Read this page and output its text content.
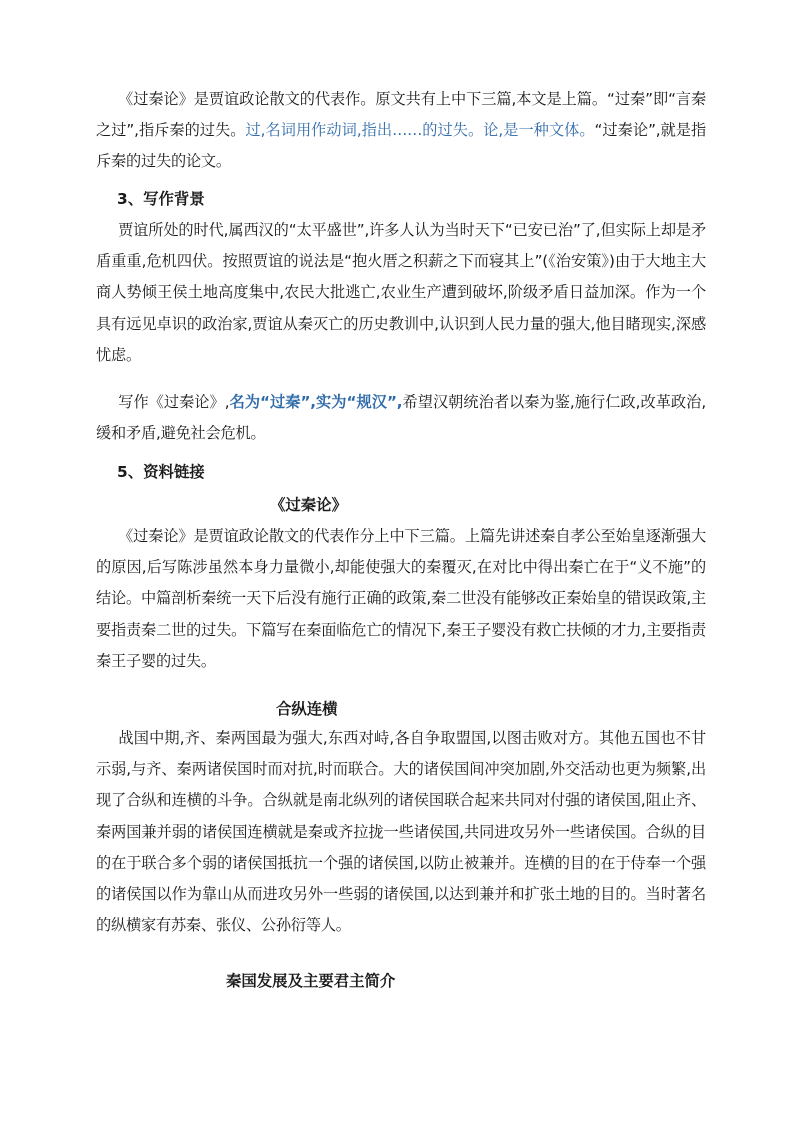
《过秦论》是贾谊政论散文的代表作。原文共有上中下三篇,本文是上篇。“过秦”即“言秦之过”,指斥秦的过失。过,名词用作动词,指出……的过失。论,是一种文体。“过秦论”,就是指斥秦的过失的论文。

3、写作背景

贾谊所处的时代,属西汉的“太平盛世”,许多人认为当时天下“已安已治”了,但实际上却是矛盾重重,危机四伏。按照贾谊的说法是“抱火厝之积薪之下而寝其上”(《治安策》)由于大地主大商人势倾王侯土地高度集中,农民大批逃亡,农业生产遭到破坏,阶级矛盾日益加深。作为一个具有远见卓识的政治家,贾谊从秦灭亡的历史教训中,认识到人民力量的强大,他目睹现实,深感忧虑。

写作《过秦论》,名为“过秦”,实为“规汉”,希望汉朝统治者以秦为鉴,施行仁政,改革政治,缓和矛盾,避免社会危机。

5、资料链接
《过秦论》

《过秦论》是贾谊政论散文的代表作分上中下三篇。上篇先讲述秦自孝公至始皇逐渐强大的原因,后写陈涉虽然本身力量微小,却能使强大的秦覆灭,在对比中得出秦亡在于“义不施”的结论。中篇剖析秦统一天下后没有施行正确的政策,秦二世没有能够改正秦始皇的错误政策,主要指责秦二世的过失。下篇写在秦面临危亡的情况下,秦王子婴没有救亡扶倾的才力,主要指责秦王子婴的过失。

合纵连横

战国中期,齐、秦两国最为强大,东西对峙,各自争取盟国,以图击败对方。其他五国也不甘示弱,与齐、秦两诸侯国时而对抗,时而联合。大的诸侯国间冲突加剧,外交活动也更为频繁,出现了合纵和连横的斗争。合纵就是南北纵列的诸侯国联合起来共同对付强的诸侯国,阻止齐、秦两国兼并弱的诸侯国连横就是秦或齐拉拢一些诸侯国,共同进攻另外一些诸侯国。合纵的目的在于联合多个弱的诸侯国抵抗一个强的诸侯国,以防止被兼并。连横的目的在于侍奉一个强的诸侯国以作为靠山从而进攻另外一些弱的诸侯国,以达到兼并和扩张土地的目的。当时著名的纵横家有苏秦、张仪、公孙衍等人。

秦国发展及主要君主简介
